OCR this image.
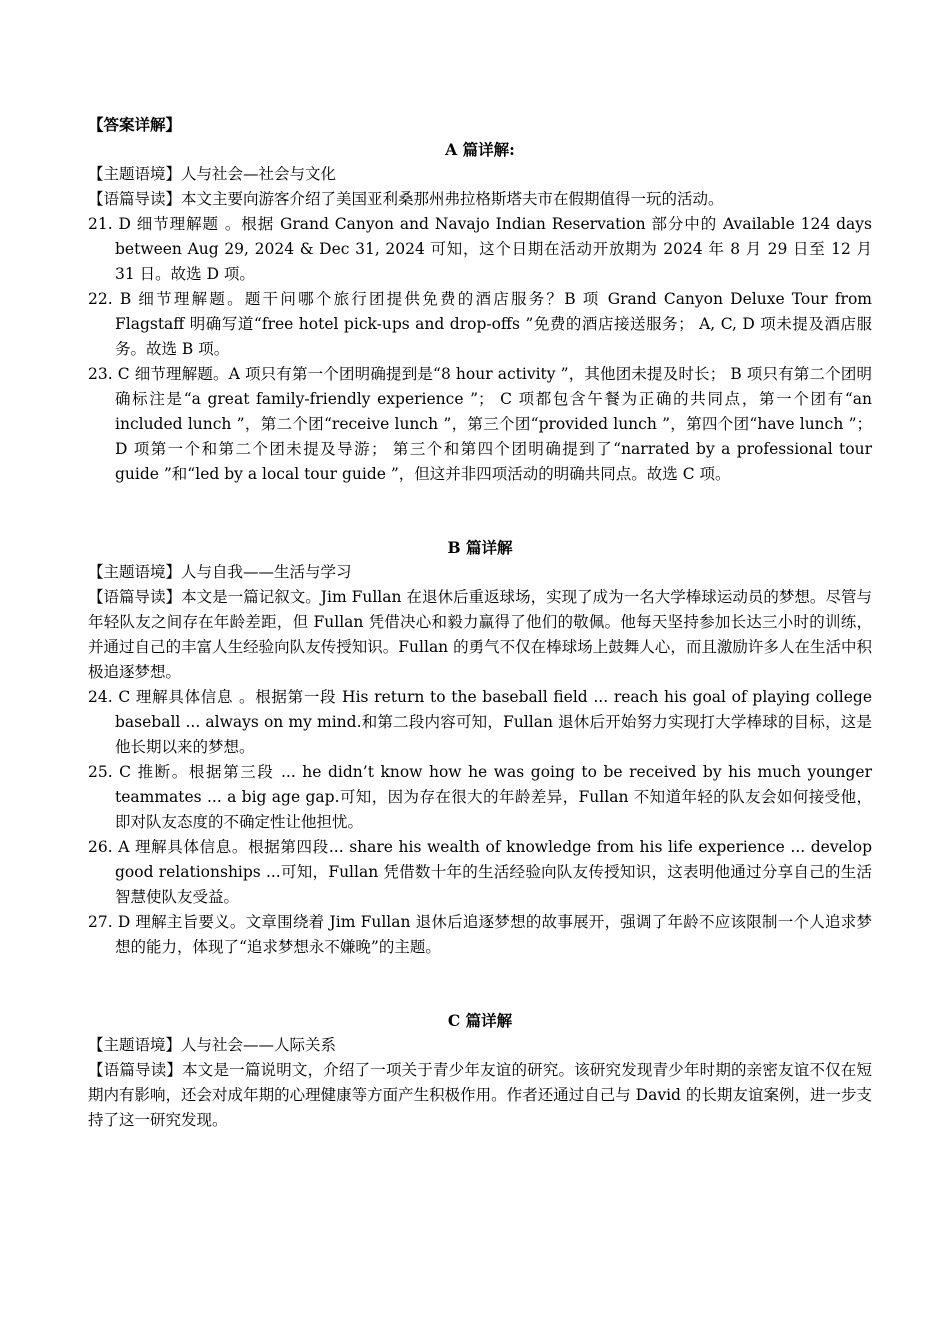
【答案详解】

A 篇详解:

【主题语境】人与社会—社会与文化

【语篇导读】本文主要向游客介绍了美国亚利桑那州弗拉格斯塔夫市在假期值得一玩的活动。

21. D 细节理解题 。根据 Grand Canyon and Navajo Indian Reservation 部分中的 Available 124 days between Aug 29, 2024 & Dec 31, 2024 可知，这个日期在活动开放期为 2024 年 8 月 29 日至 12 月 31 日。故选 D 项。

22. B 细节理解题。题干问哪个旅行团提供免费的酒店服务？B 项 Grand Canyon Deluxe Tour from Flagstaff 明确写道“free hotel pick-ups and drop-offs ”免费的酒店接送服务； A, C, D 项未提及酒店服务。故选 B 项。

23. C 细节理解题。A 项只有第一个团明确提到是“8 hour activity ”，其他团未提及时长； B 项只有第二个团明确标注是“a great family-friendly experience ”； C 项都包含午餐为正确的共同点，第一个团有“an included lunch ”，第二个团“receive lunch ”，第三个团“provided lunch ”，第四个团“have lunch ”； D 项第一个和第二个团未提及导游； 第三个和第四个团明确提到了“narrated by a professional tour guide ”和“led by a local tour guide ”，但这并非四项活动的明确共同点。故选 C 项。

B 篇详解

【主题语境】人与自我——生活与学习

【语篇导读】本文是一篇记叙文。Jim Fullan 在退休后重返球场，实现了成为一名大学棒球运动员的梦想。尽管与年轻队友之间存在年龄差距，但 Fullan 凭借决心和毅力赢得了他们的敬佩。他每天坚持参加长达三小时的训练，并通过自己的丰富人生经验向队友传授知识。Fullan 的勇气不仅在棒球场上鼓舞人心，而且激励许多人在生活中积极追逐梦想。

24. C 理解具体信息 。根据第一段 His return to the baseball field ... reach his goal of playing college baseball ... always on my mind.和第二段内容可知，Fullan 退休后开始努力实现打大学棒球的目标，这是他长期以来的梦想。

25. C 推断。根据第三段 ... he didn’t know how he was going to be received by his much younger teammates ... a big age gap.可知，因为存在很大的年龄差异，Fullan 不知道年轻的队友会如何接受他，即对队友态度的不确定性让他担忧。

26. A 理解具体信息。根据第四段... share his wealth of knowledge from his life experience ... develop good relationships ...可知，Fullan 凭借数十年的生活经验向队友传授知识，这表明他通过分享自己的生活智慧使队友受益。

27. D 理解主旨要义。文章围绕着 Jim Fullan 退休后追逐梦想的故事展开，强调了年龄不应该限制一个人追求梦想的能力，体现了“追求梦想永不嫌晚”的主题。

C 篇详解

【主题语境】人与社会——人际关系

【语篇导读】本文是一篇说明文，介绍了一项关于青少年友谊的研究。该研究发现青少年时期的亲密友谊不仅在短期内有影响，还会对成年期的心理健康等方面产生积极作用。作者还通过自己与 David 的长期友谊案例，进一步支持了这一研究发现。
